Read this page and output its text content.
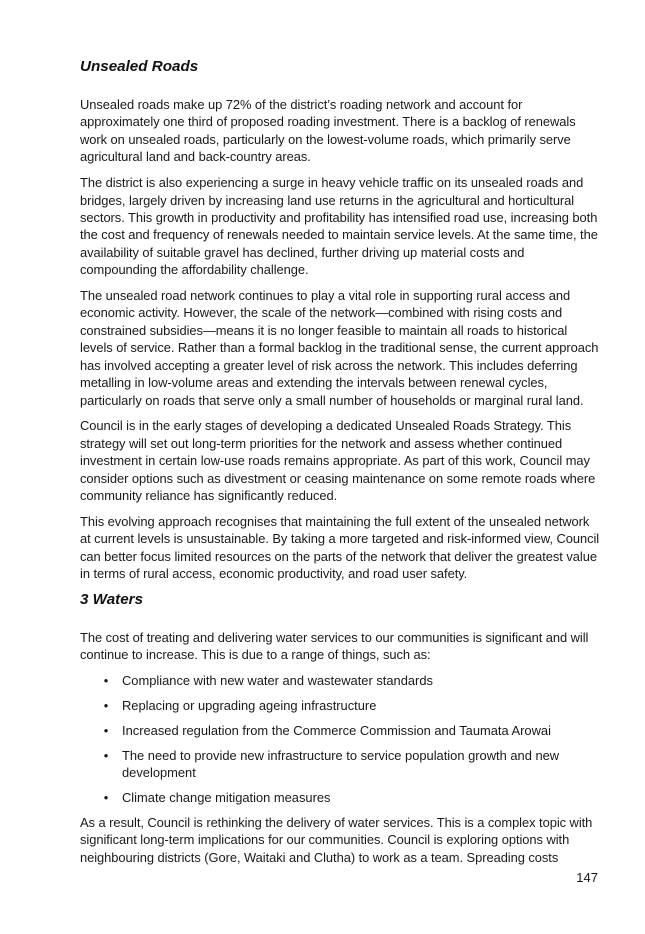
Unsealed Roads

Unsealed roads make up 72% of the district’s roading network and account for approximately one third of proposed roading investment. There is a backlog of renewals work on unsealed roads, particularly on the lowest-volume roads, which primarily serve agricultural land and back-country areas.

The district is also experiencing a surge in heavy vehicle traffic on its unsealed roads and bridges, largely driven by increasing land use returns in the agricultural and horticultural sectors. This growth in productivity and profitability has intensified road use, increasing both the cost and frequency of renewals needed to maintain service levels. At the same time, the availability of suitable gravel has declined, further driving up material costs and compounding the affordability challenge.

The unsealed road network continues to play a vital role in supporting rural access and economic activity. However, the scale of the network—combined with rising costs and constrained subsidies—means it is no longer feasible to maintain all roads to historical levels of service. Rather than a formal backlog in the traditional sense, the current approach has involved accepting a greater level of risk across the network. This includes deferring metalling in low-volume areas and extending the intervals between renewal cycles, particularly on roads that serve only a small number of households or marginal rural land.

Council is in the early stages of developing a dedicated Unsealed Roads Strategy. This strategy will set out long-term priorities for the network and assess whether continued investment in certain low-use roads remains appropriate. As part of this work, Council may consider options such as divestment or ceasing maintenance on some remote roads where community reliance has significantly reduced.

This evolving approach recognises that maintaining the full extent of the unsealed network at current levels is unsustainable. By taking a more targeted and risk-informed view, Council can better focus limited resources on the parts of the network that deliver the greatest value in terms of rural access, economic productivity, and road user safety.

3 Waters

The cost of treating and delivering water services to our communities is significant and will continue to increase. This is due to a range of things, such as:

• Compliance with new water and wastewater standards
• Replacing or upgrading ageing infrastructure
• Increased regulation from the Commerce Commission and Taumata Arowai
• The need to provide new infrastructure to service population growth and new development
• Climate change mitigation measures

As a result, Council is rethinking the delivery of water services. This is a complex topic with significant long-term implications for our communities. Council is exploring options with neighbouring districts (Gore, Waitaki and Clutha) to work as a team. Spreading costs

147
